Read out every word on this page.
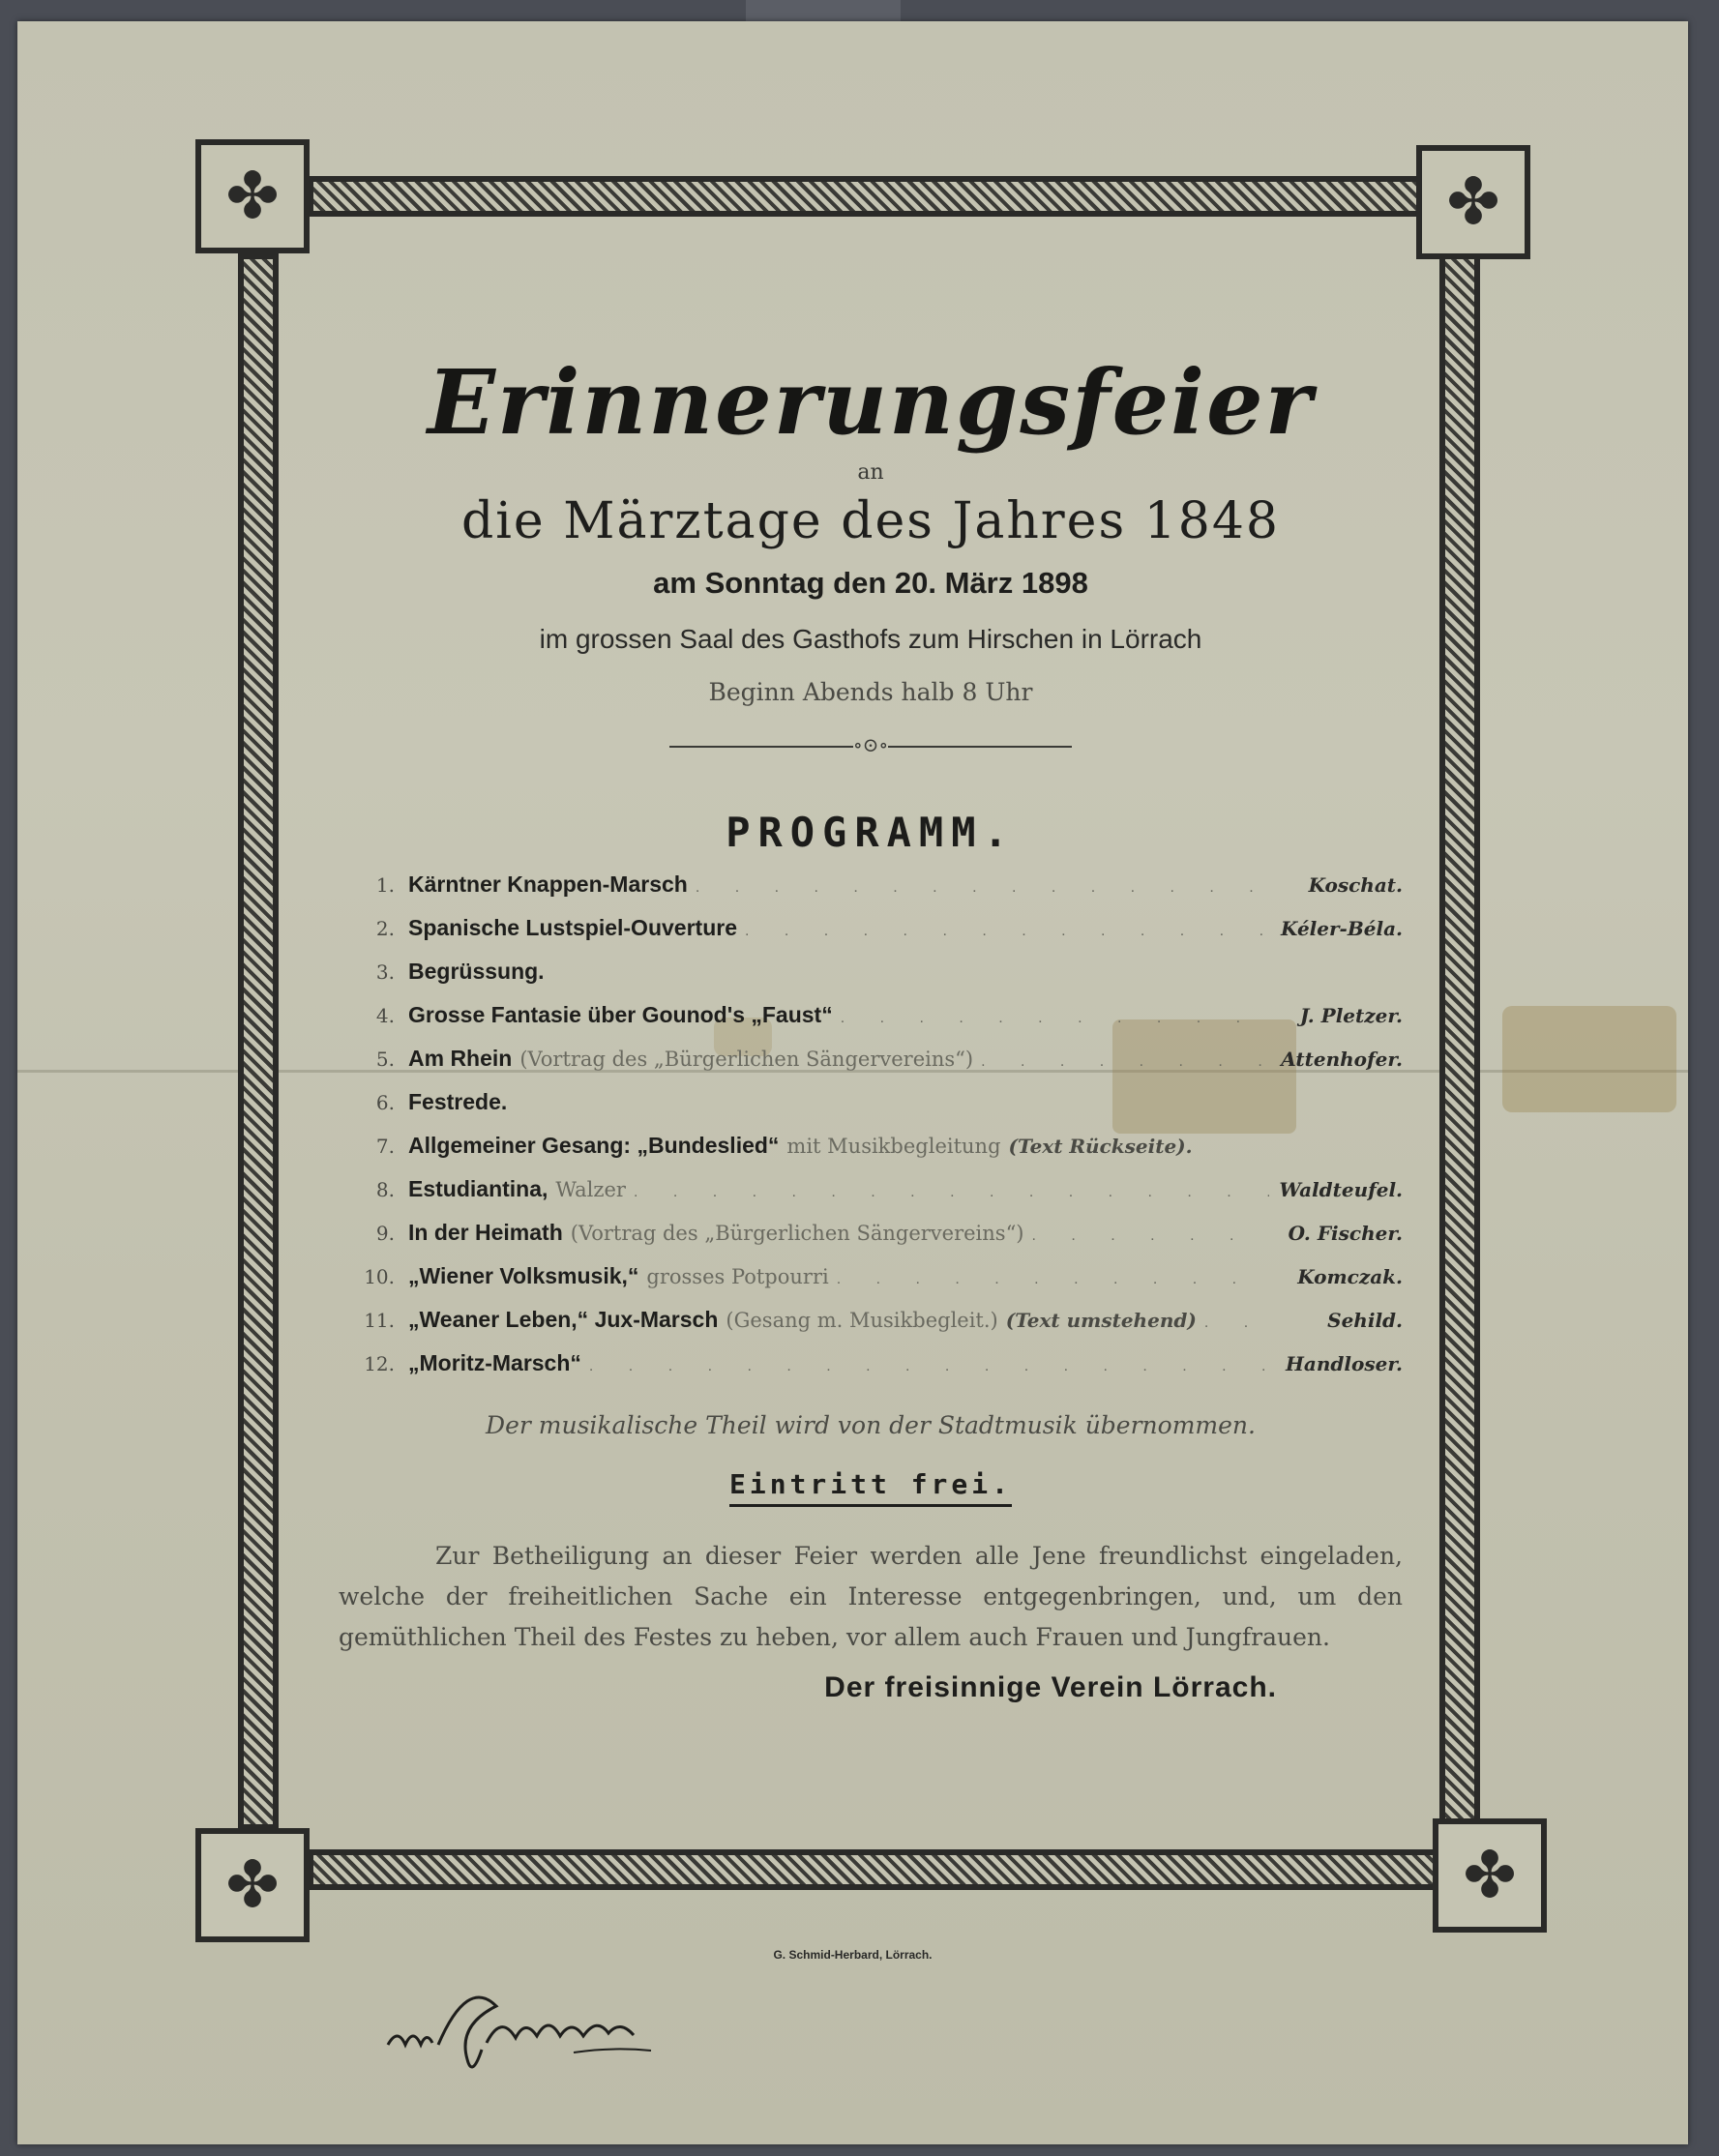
✤	✤
✤	✤
Erinnerungsfeier
an
die Märztage des Jahres 1848
am Sonntag den 20. März 1898
im grossen Saal des Gasthofs zum Hirschen in Lörrach
Beginn Abends halb 8 Uhr
∘⊙∘
PROGRAMM.
1. Kärntner Knappen-Marsch . . .	Koschat.
2. Spanische Lustspiel-Ouverture . . .	Kéler-Béla.
3. Begrüssung.
4. Grosse Fantasie über Gounod's „Faust“ . . .	J. Pletzer.
5. Am Rhein (Vortrag des „Bürgerlichen Sängervereins“) . . .	Attenhofer.
6. Festrede.
7. Allgemeiner Gesang: „Bundeslied“ mit Musikbegleitung (Text Rückseite).
8. Estudiantina, Walzer . . .	Waldteufel.
9. In der Heimath (Vortrag des „Bürgerlichen Sängervereins“) . . .	O. Fischer.
10. „Wiener Volksmusik,“ grosses Potpourri . . .	Komczak.
11. „Weaner Leben,“ Jux-Marsch (Gesang m. Musikbegleit.) (Text umstehend) . . .	Sehild.
12. „Moritz-Marsch“ . . .	Handloser.
Der musikalische Theil wird von der Stadtmusik übernommen.
Eintritt frei.
Zur Betheiligung an dieser Feier werden alle Jene freundlichst eingeladen, welche der freiheitlichen Sache ein Interesse entgegenbringen, und, um den gemüthlichen Theil des Festes zu heben, vor allem auch Frauen und Jungfrauen.
Der freisinnige Verein Lörrach.
G. Schmid-Herbard, Lörrach.
